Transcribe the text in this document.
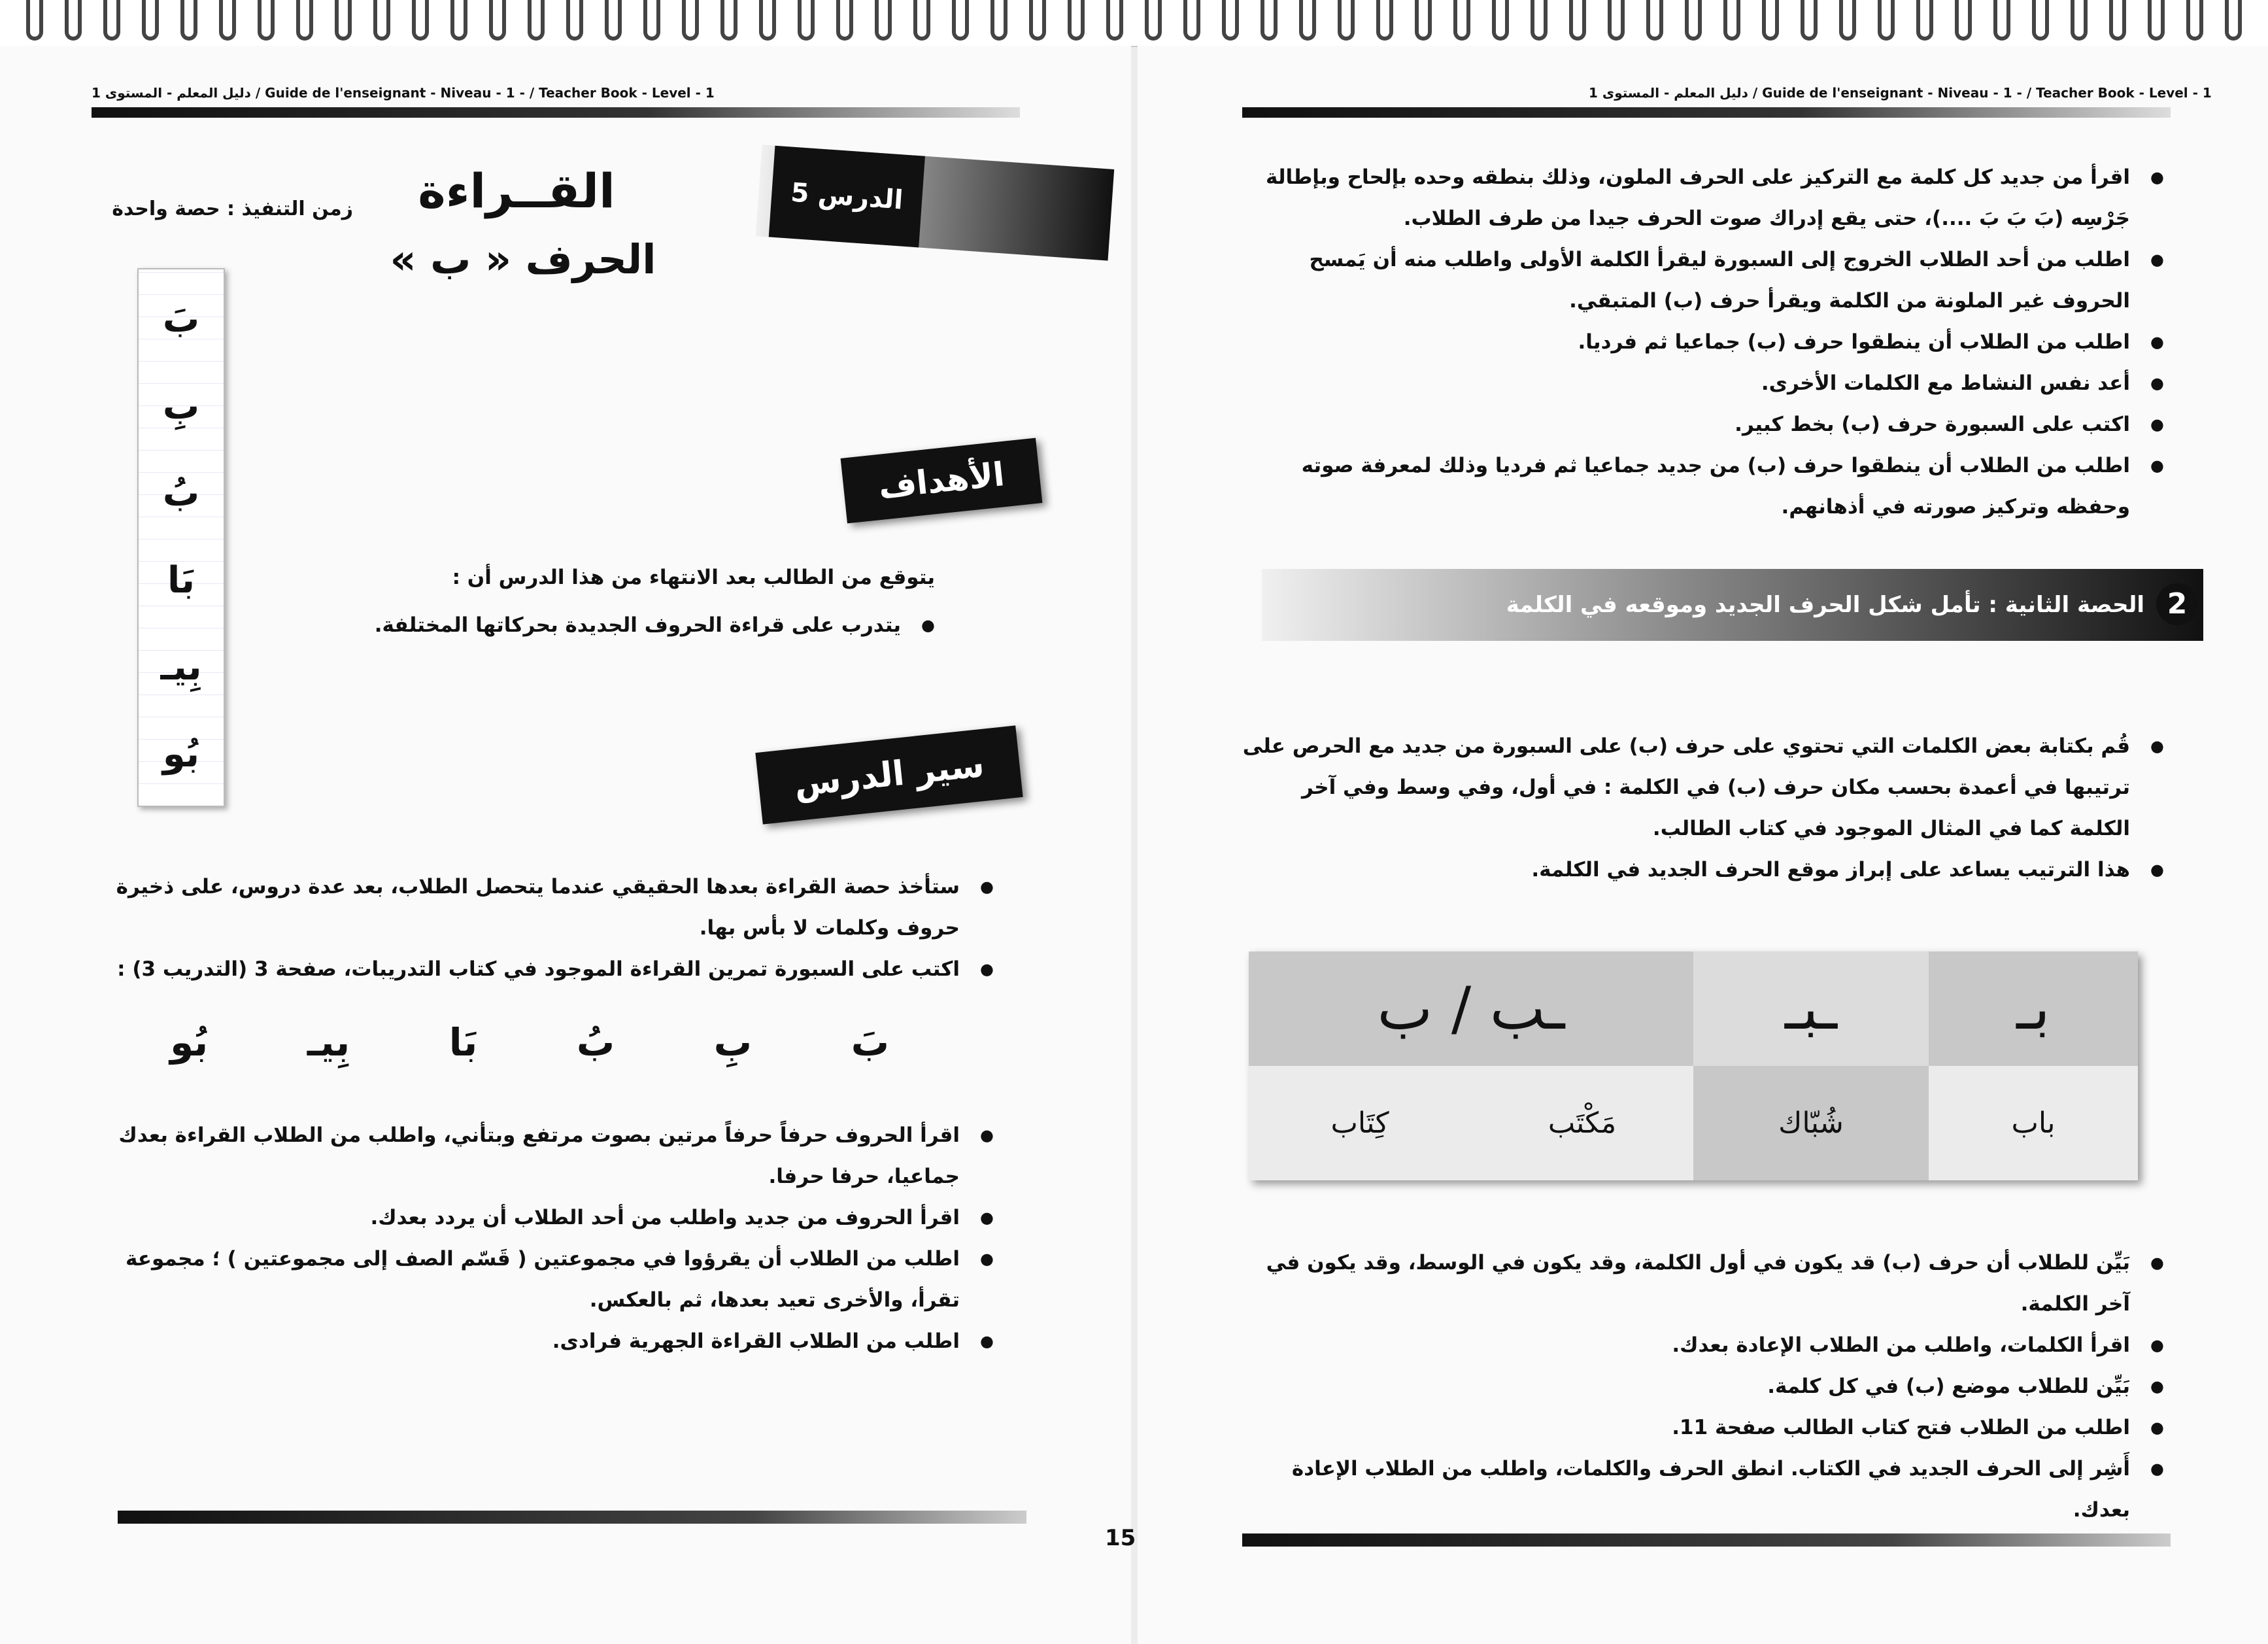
دليل المعلم - المستوى 1 / Guide de l'enseignant - Niveau - 1 - / Teacher Book - Level - 1
الدرس 5
القــراءة
الحرف « ب »
زمن التنفيذ : حصة واحدة
بَ
بِ
بُ
بَا
بِيـ
بُو
الأهداف
يتوقع من الطالب بعد الانتهاء من هذا الدرس أن :
● يتدرب على قراءة الحروف الجديدة بحركاتها المختلفة.
سير الدرس
● ستأخذ حصة القراءة بعدها الحقيقي عندما يتحصل الطلاب، بعد عدة دروس، على ذخيرة حروف وكلمات لا بأس بها.
● اكتب على السبورة تمرين القراءة الموجود في كتاب التدريبات، صفحة 3 (التدريب 3) :
بَ
بِ
بُ
بَا
بِيـ
بُو
● اقرأ الحروف حرفاً حرفاً مرتين بصوت مرتفع وبتأني، واطلب من الطلاب القراءة بعدك جماعيا، حرفا حرفا.
● اقرأ الحروف من جديد واطلب من أحد الطلاب أن يردد بعدك.
● اطلب من الطلاب أن يقرؤوا في مجموعتين ( قَسّم الصف إلى مجموعتين ) ؛ مجموعة تقرأ، والأخرى تعيد بعدها، ثم بالعكس.
● اطلب من الطلاب القراءة الجهرية فرادى.
15
دليل المعلم - المستوى 1 / Guide de l'enseignant - Niveau - 1 - / Teacher Book - Level - 1
● اقرأ من جديد كل كلمة مع التركيز على الحرف الملون، وذلك بنطقه وحده بإلحاح وبإطالة جَرْسِه (بَ بَ بَ ....)، حتى يقع إدراك صوت الحرف جيدا من طرف الطلاب.
● اطلب من أحد الطلاب الخروج إلى السبورة ليقرأ الكلمة الأولى واطلب منه أن يَمسح الحروف غير الملونة من الكلمة ويقرأ حرف (ب) المتبقي.
● اطلب من الطلاب أن ينطقوا حرف (ب) جماعيا ثم فرديا.
● أعد نفس النشاط مع الكلمات الأخرى.
● اكتب على السبورة حرف (ب) بخط كبير.
● اطلب من الطلاب أن ينطقوا حرف (ب) من جديد جماعيا ثم فرديا وذلك لمعرفة صوته وحفظه وتركيز صورته في أذهانهم.
2
الحصة الثانية : تأمل شكل الحرف الجديد وموقعه في الكلمة
● قُم بكتابة بعض الكلمات التي تحتوي على حرف (ب) على السبورة من جديد مع الحرص على ترتيبها في أعمدة بحسب مكان حرف (ب) في الكلمة : في أول، وفي وسط وفي آخر الكلمة كما في المثال الموجود في كتاب الطالب.
● هذا الترتيب يساعد على إبراز موقع الحرف الجديد في الكلمة.
بـ
ـبـ
ـب / ب
باب
شُبّاك
مَكْتَب
كِتَاب
● بَيِّن للطلاب أن حرف (ب) قد يكون في أول الكلمة، وقد يكون في الوسط، وقد يكون في آخر الكلمة.
● اقرأ الكلمات، واطلب من الطلاب الإعادة بعدك.
● بَيِّن للطلاب موضع (ب) في كل كلمة.
● اطلب من الطلاب فتح كتاب الطالب صفحة 11.
● أَشِر إلى الحرف الجديد في الكتاب. انطق الحرف والكلمات، واطلب من الطلاب الإعادة بعدك.
